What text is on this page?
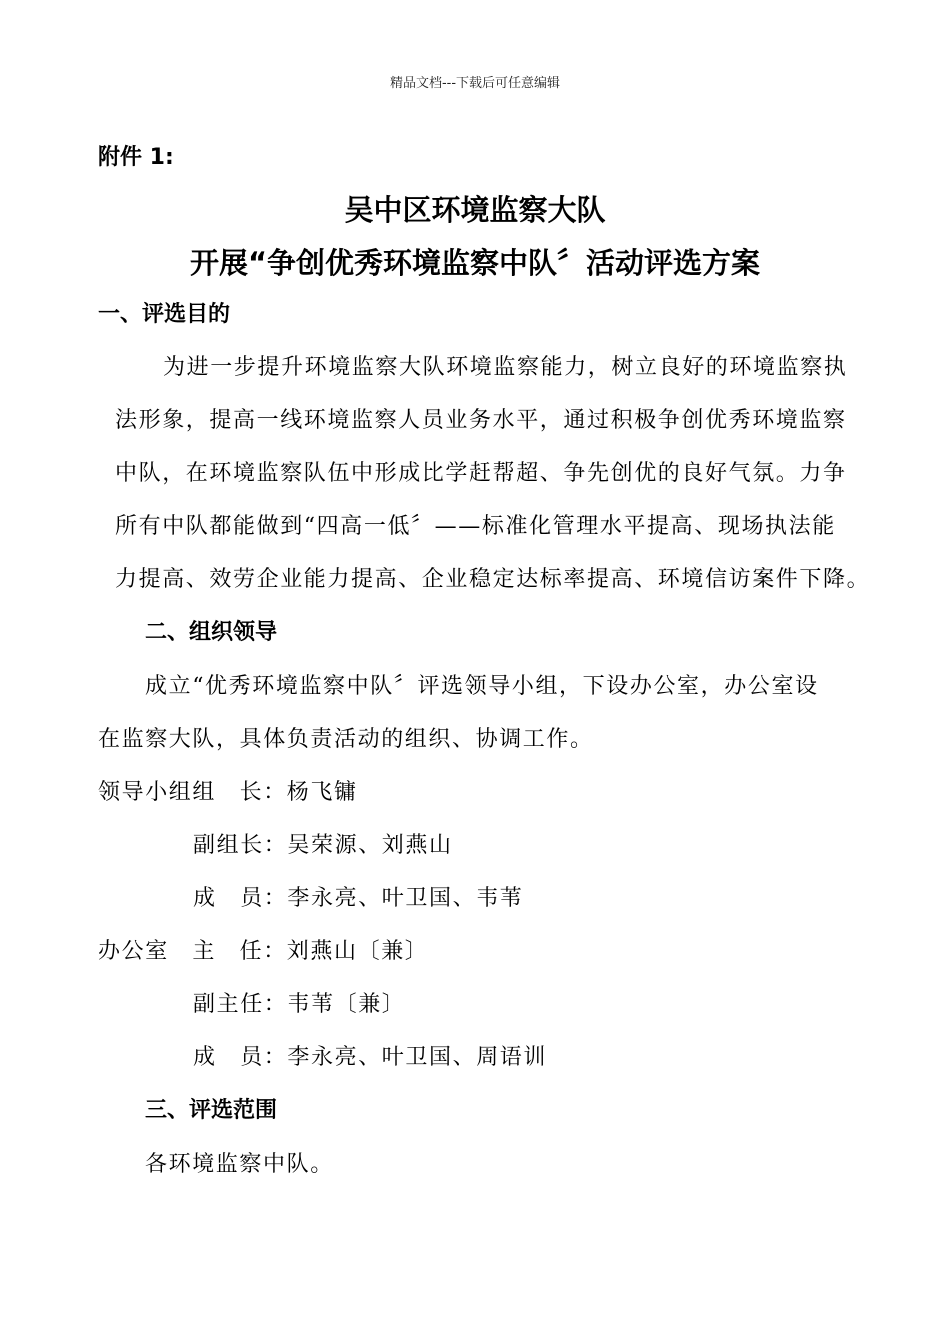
精品文档---下载后可任意编辑
附件 1:
吴中区环境监察大队
开展“争创优秀环境监察中队〞活动评选方案
一、评选目的
为进一步提升环境监察大队环境监察能力，树立良好的环境监察执
法形象，提高一线环境监察人员业务水平，通过积极争创优秀环境监察
中队，在环境监察队伍中形成比学赶帮超、争先创优的良好气氛。力争
所有中队都能做到“四高一低〞——标准化管理水平提高、现场执法能
力提高、效劳企业能力提高、企业稳定达标率提高、环境信访案件下降。
二、组织领导
成立“优秀环境监察中队〞评选领导小组，下设办公室，办公室设
在监察大队，具体负责活动的组织、协调工作。
领导小组组　长：杨飞镛
副组长：吴荣源、刘燕山
成　员：李永亮、叶卫国、韦苇
办公室　主　任：刘燕山〔兼〕
副主任：韦苇〔兼〕
成　员：李永亮、叶卫国、周语训
三、评选范围
各环境监察中队。
